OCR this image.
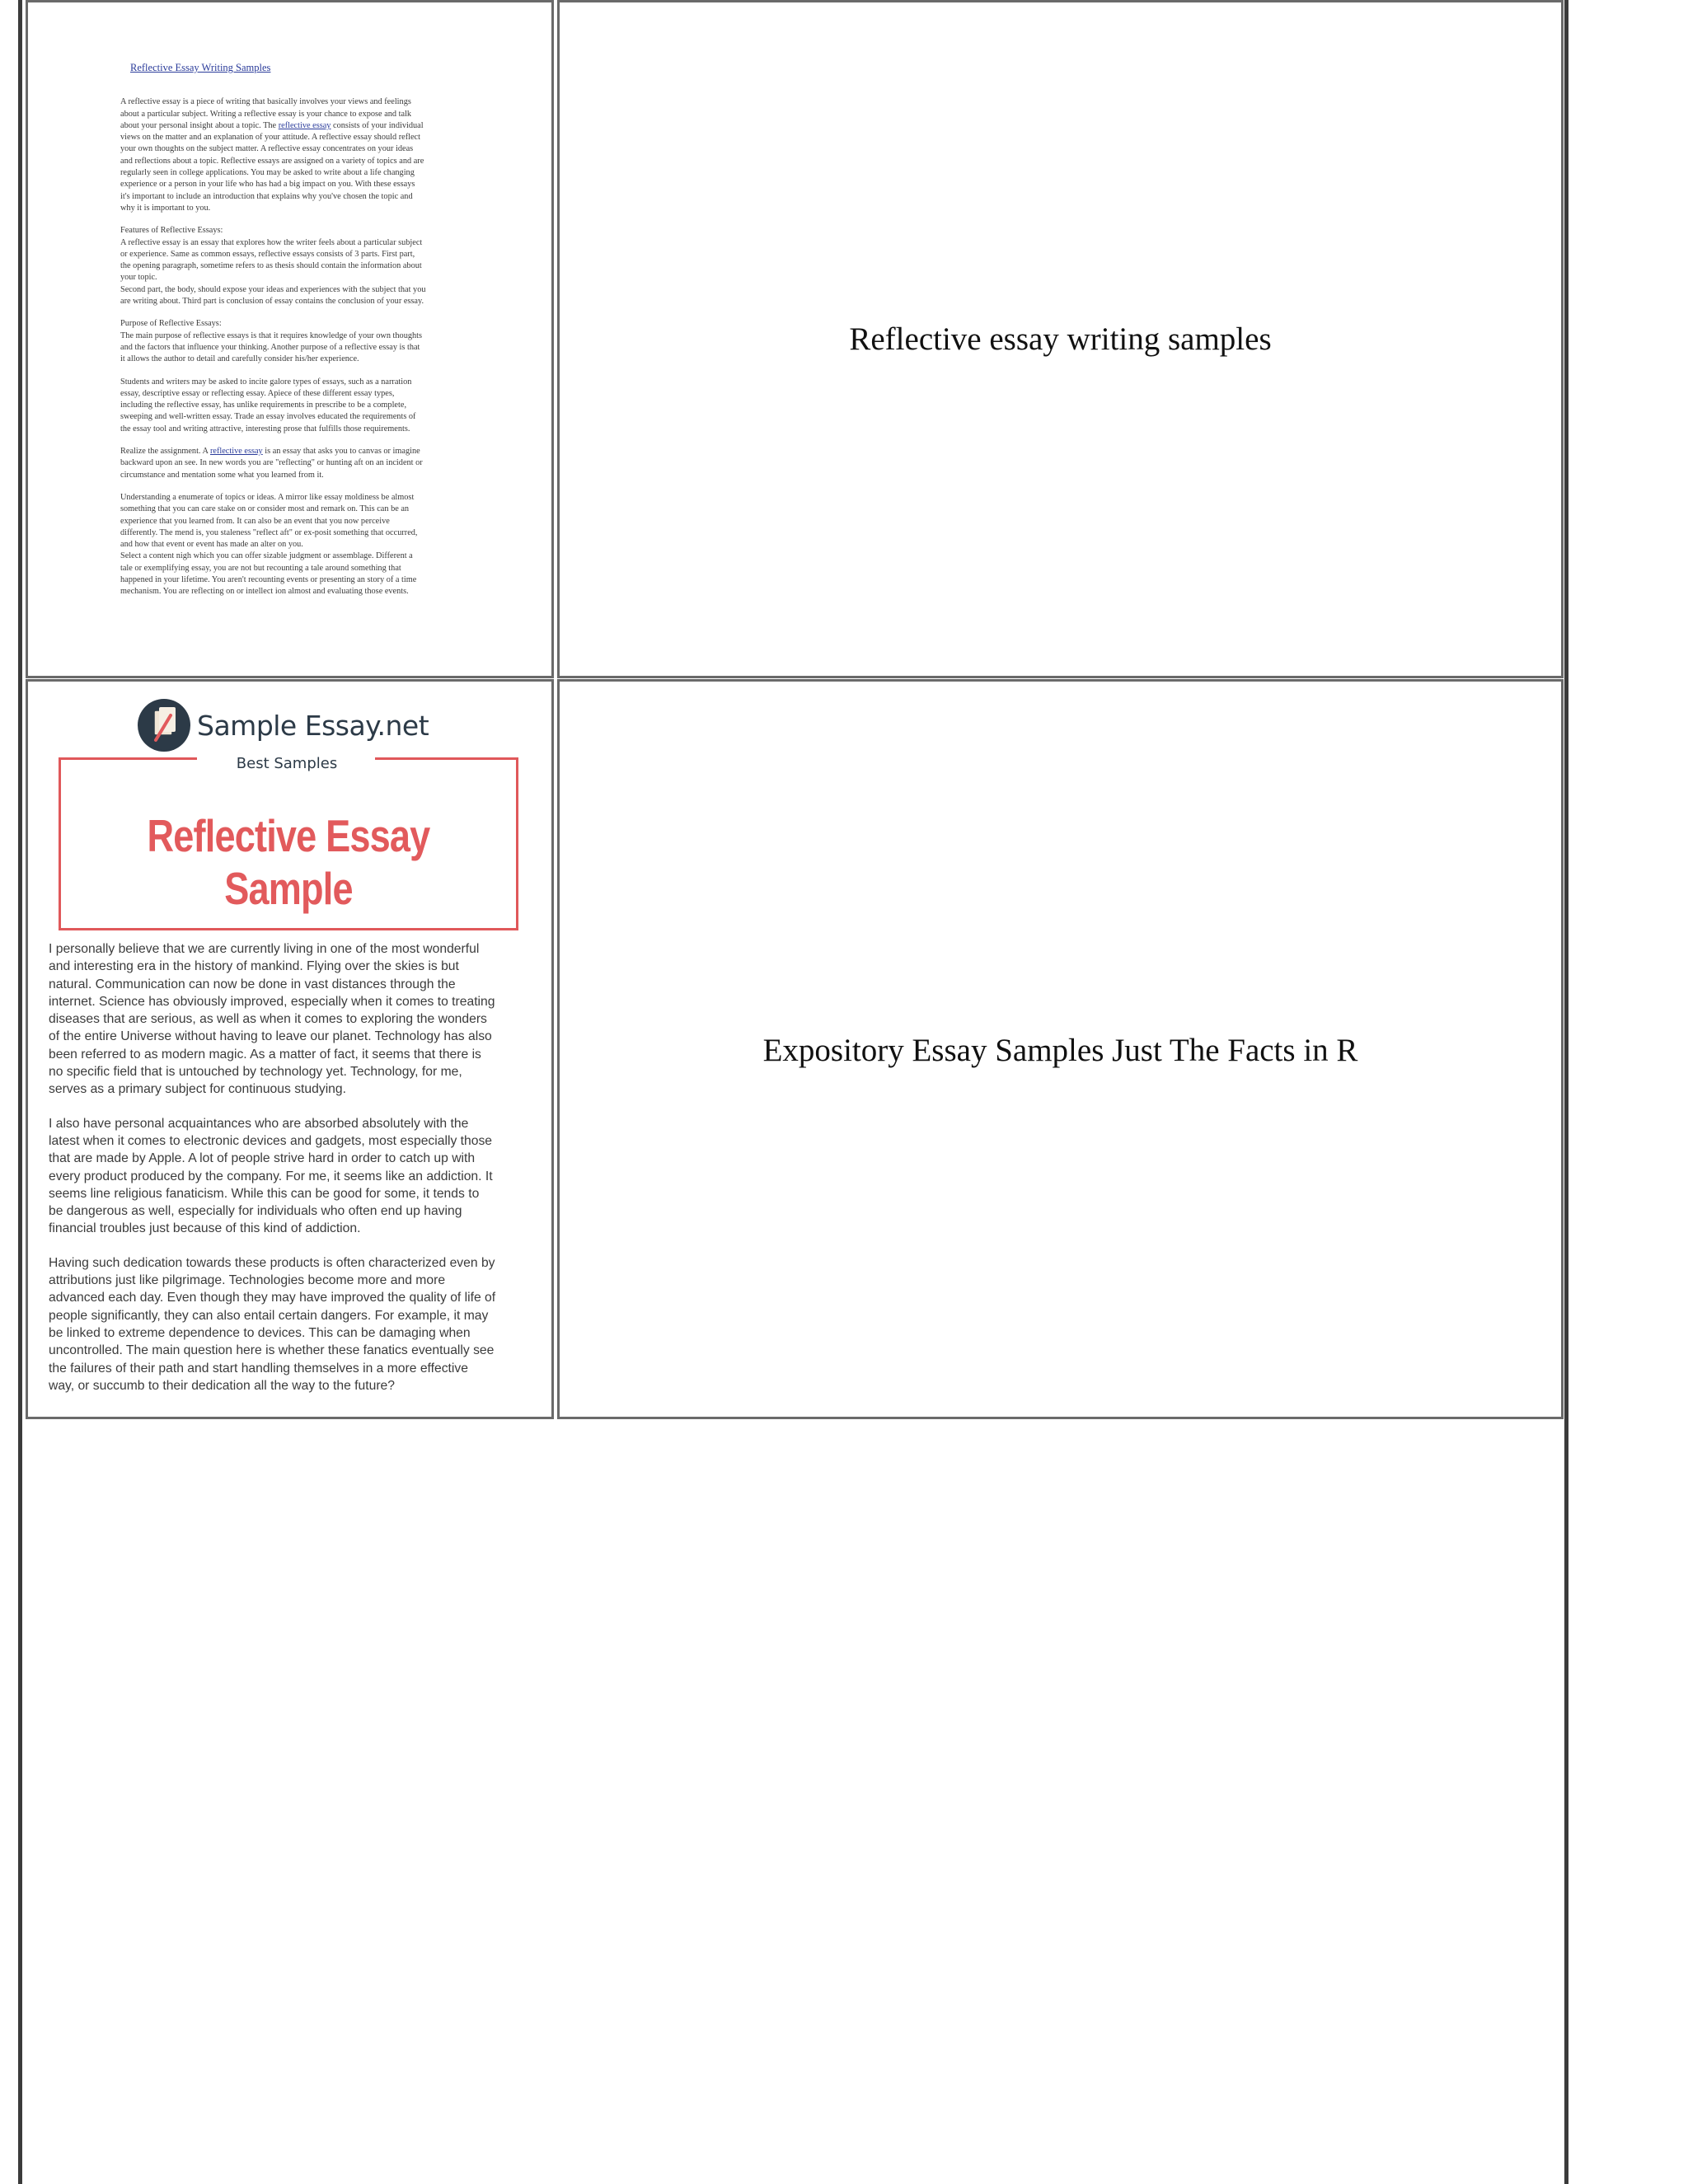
Reflective Essay Writing Samples

A reflective essay is a piece of writing that basically involves your views and feelings
about a particular subject. Writing a reflective essay is your chance to expose and talk
about your personal insight about a topic. The reflective essay consists of your individual
views on the matter and an explanation of your attitude. A reflective essay should reflect
your own thoughts on the subject matter. A reflective essay concentrates on your ideas
and reflections about a topic. Reflective essays are assigned on a variety of topics and are
regularly seen in college applications. You may be asked to write about a life changing
experience or a person in your life who has had a big impact on you. With these essays
it's important to include an introduction that explains why you've chosen the topic and
why it is important to you.

Features of Reflective Essays:
A reflective essay is an essay that explores how the writer feels about a particular subject
or experience. Same as common essays, reflective essays consists of 3 parts. First part,
the opening paragraph, sometime refers to as thesis should contain the information about
your topic.
Second part, the body, should expose your ideas and experiences with the subject that you
are writing about. Third part is conclusion of essay contains the conclusion of your essay.

Purpose of Reflective Essays:
The main purpose of reflective essays is that it requires knowledge of your own thoughts
and the factors that influence your thinking. Another purpose of a reflective essay is that
it allows the author to detail and carefully consider his/her experience.

Students and writers may be asked to incite galore types of essays, such as a narration
essay, descriptive essay or reflecting essay. Apiece of these different essay types,
including the reflective essay, has unlike requirements in prescribe to be a complete,
sweeping and well-written essay. Trade an essay involves educated the requirements of
the essay tool and writing attractive, interesting prose that fulfills those requirements.

Realize the assignment. A reflective essay is an essay that asks you to canvas or imagine
backward upon an see. In new words you are "reflecting" or hunting aft on an incident or
circumstance and mentation some what you learned from it.

Understanding a enumerate of topics or ideas. A mirror like essay moldiness be almost
something that you can care stake on or consider most and remark on. This can be an
experience that you learned from. It can also be an event that you now perceive
differently. The mend is, you staleness "reflect aft" or ex-posit something that occurred,
and how that event or event has made an alter on you.
Select a content nigh which you can offer sizable judgment or assemblage. Different a
tale or exemplifying essay, you are not but recounting a tale around something that
happened in your lifetime. You aren't recounting events or presenting an story of a time
mechanism. You are reflecting on or intellect ion almost and evaluating those events.

Reflective essay writing samples
Sample Essay.net
Best Samples
Reflective Essay Sample

I personally believe that we are currently living in one of the most wonderful
and interesting era in the history of mankind. Flying over the skies is but
natural. Communication can now be done in vast distances through the
internet. Science has obviously improved, especially when it comes to treating
diseases that are serious, as well as when it comes to exploring the wonders
of the entire Universe without having to leave our planet. Technology has also
been referred to as modern magic. As a matter of fact, it seems that there is
no specific field that is untouched by technology yet. Technology, for me,
serves as a primary subject for continuous studying.

I also have personal acquaintances who are absorbed absolutely with the
latest when it comes to electronic devices and gadgets, most especially those
that are made by Apple. A lot of people strive hard in order to catch up with
every product produced by the company. For me, it seems like an addiction. It
seems line religious fanaticism. While this can be good for some, it tends to
be dangerous as well, especially for individuals who often end up having
financial troubles just because of this kind of addiction.

Having such dedication towards these products is often characterized even by
attributions just like pilgrimage. Technologies become more and more
advanced each day. Even though they may have improved the quality of life of
people significantly, they can also entail certain dangers. For example, it may
be linked to extreme dependence to devices. This can be damaging when
uncontrolled. The main question here is whether these fanatics eventually see
the failures of their path and start handling themselves in a more effective
way, or succumb to their dedication all the way to the future?

Expository Essay Samples Just The Facts in R
